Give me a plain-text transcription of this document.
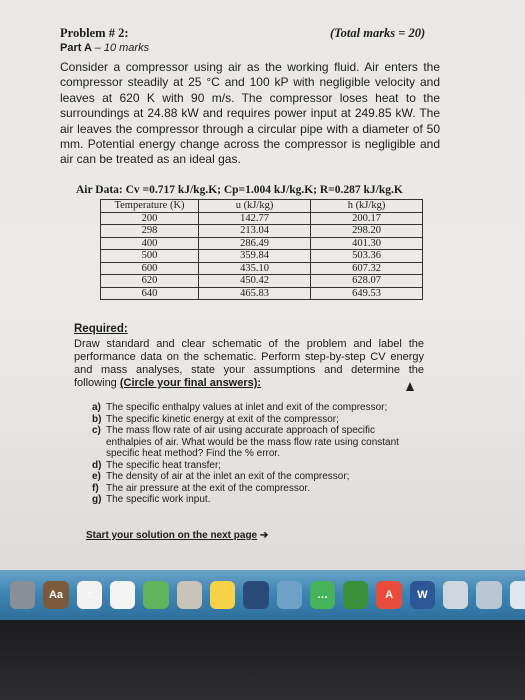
Problem # 2:	(Total marks = 20)
Part A – 10 marks
Consider a compressor using air as the working fluid. Air enters the compressor steadily at 25 °C and 100 kP with negligible velocity and leaves at 620 K with 90 m/s. The compressor loses heat to the surroundings at 24.88 kW and requires power input at 249.85 kW. The air leaves the compressor through a circular pipe with a diameter of 50 mm. Potential energy change across the compressor is negligible and air can be treated as an ideal gas.
Air Data: Cv =0.717 kJ/kg.K; Cp=1.004 kJ/kg.K; R=0.287 kJ/kg.K
Temperature (K)	u (kJ/kg)	h (kJ/kg)
200	142.77	200.17
298	213.04	298.20
400	286.49	401.30
500	359.84	503.36
600	435.10	607.32
620	450.42	628.07
640	465.83	649.53
Required:
Draw standard and clear schematic of the problem and label the performance data on the schematic. Perform step-by-step CV energy and mass analyses, state your assumptions and determine the following (Circle your final answers):
a) The specific enthalpy values at inlet and exit of the compressor;
b) The specific kinetic energy at exit of the compressor;
c) The mass flow rate of air using accurate approach of specific enthalpies of air. What would be the mass flow rate using constant specific heat method? Find the % error.
d) The specific heat transfer;
e) The density of air at the inlet an exit of the compressor;
f) The air pressure at the exit of the compressor.
g) The specific work input.
Start your solution on the next page ➔
Aa	♫	…	A	W
